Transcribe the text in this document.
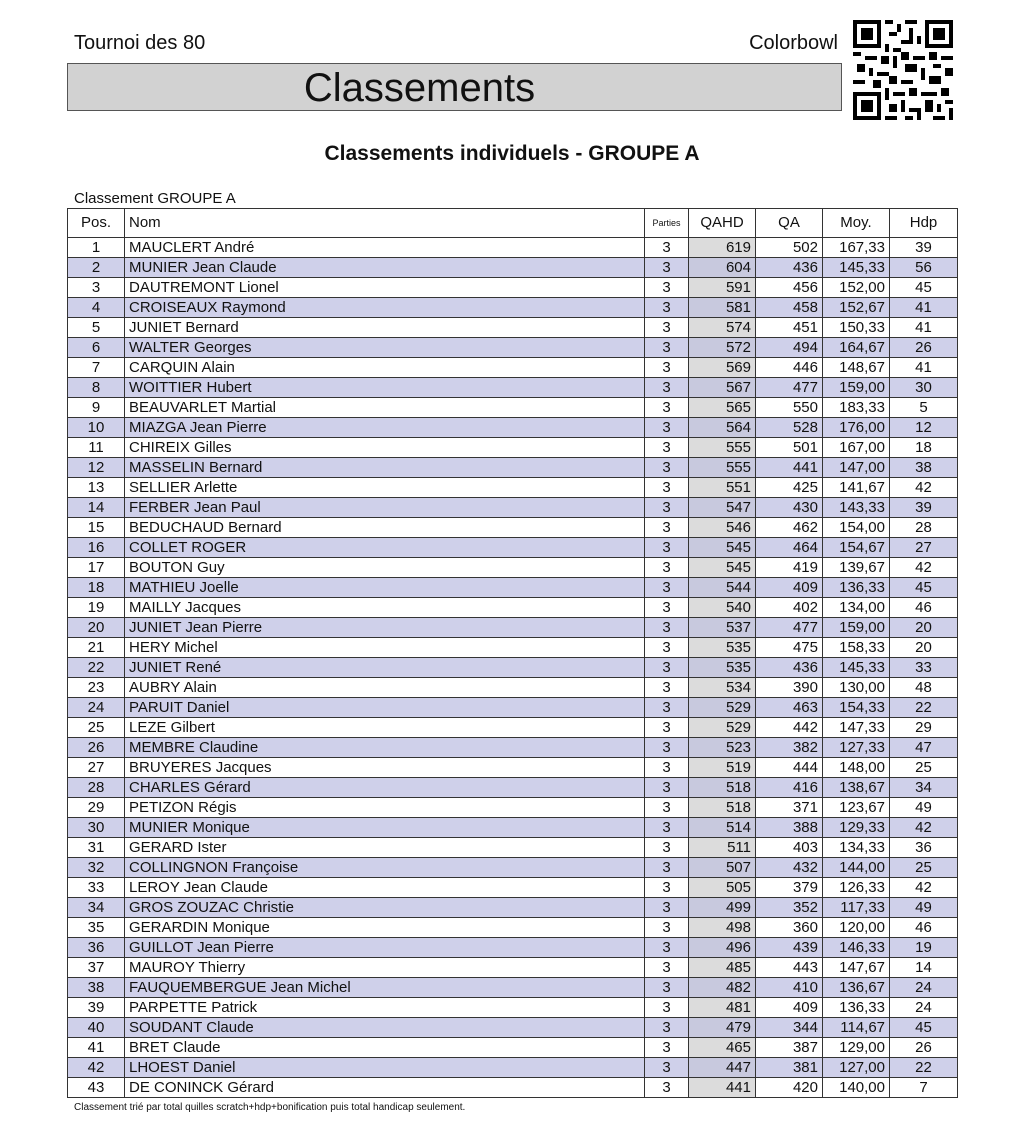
Tournoi des 80	Colorbowl
Classements
Classements individuels - GROUPE A
Classement GROUPE A
Pos.	Nom	Parties	QAHD	QA	Moy.	Hdp
1	MAUCLERT André	3	619	502	167,33	39
2	MUNIER Jean Claude	3	604	436	145,33	56
3	DAUTREMONT Lionel	3	591	456	152,00	45
4	CROISEAUX Raymond	3	581	458	152,67	41
5	JUNIET Bernard	3	574	451	150,33	41
6	WALTER Georges	3	572	494	164,67	26
7	CARQUIN Alain	3	569	446	148,67	41
8	WOITTIER Hubert	3	567	477	159,00	30
9	BEAUVARLET Martial	3	565	550	183,33	5
10	MIAZGA Jean Pierre	3	564	528	176,00	12
11	CHIREIX Gilles	3	555	501	167,00	18
12	MASSELIN Bernard	3	555	441	147,00	38
13	SELLIER Arlette	3	551	425	141,67	42
14	FERBER Jean Paul	3	547	430	143,33	39
15	BEDUCHAUD Bernard	3	546	462	154,00	28
16	COLLET ROGER	3	545	464	154,67	27
17	BOUTON Guy	3	545	419	139,67	42
18	MATHIEU Joelle	3	544	409	136,33	45
19	MAILLY Jacques	3	540	402	134,00	46
20	JUNIET Jean Pierre	3	537	477	159,00	20
21	HERY Michel	3	535	475	158,33	20
22	JUNIET René	3	535	436	145,33	33
23	AUBRY Alain	3	534	390	130,00	48
24	PARUIT Daniel	3	529	463	154,33	22
25	LEZE Gilbert	3	529	442	147,33	29
26	MEMBRE Claudine	3	523	382	127,33	47
27	BRUYERES Jacques	3	519	444	148,00	25
28	CHARLES Gérard	3	518	416	138,67	34
29	PETIZON Régis	3	518	371	123,67	49
30	MUNIER Monique	3	514	388	129,33	42
31	GERARD Ister	3	511	403	134,33	36
32	COLLINGNON Françoise	3	507	432	144,00	25
33	LEROY Jean Claude	3	505	379	126,33	42
34	GROS ZOUZAC Christie	3	499	352	117,33	49
35	GERARDIN Monique	3	498	360	120,00	46
36	GUILLOT Jean Pierre	3	496	439	146,33	19
37	MAUROY Thierry	3	485	443	147,67	14
38	FAUQUEMBERGUE Jean Michel	3	482	410	136,67	24
39	PARPETTE Patrick	3	481	409	136,33	24
40	SOUDANT Claude	3	479	344	114,67	45
41	BRET Claude	3	465	387	129,00	26
42	LHOEST Daniel	3	447	381	127,00	22
43	DE CONINCK Gérard	3	441	420	140,00	7
Classement trié par total quilles scratch+hdp+bonification puis total handicap seulement.
